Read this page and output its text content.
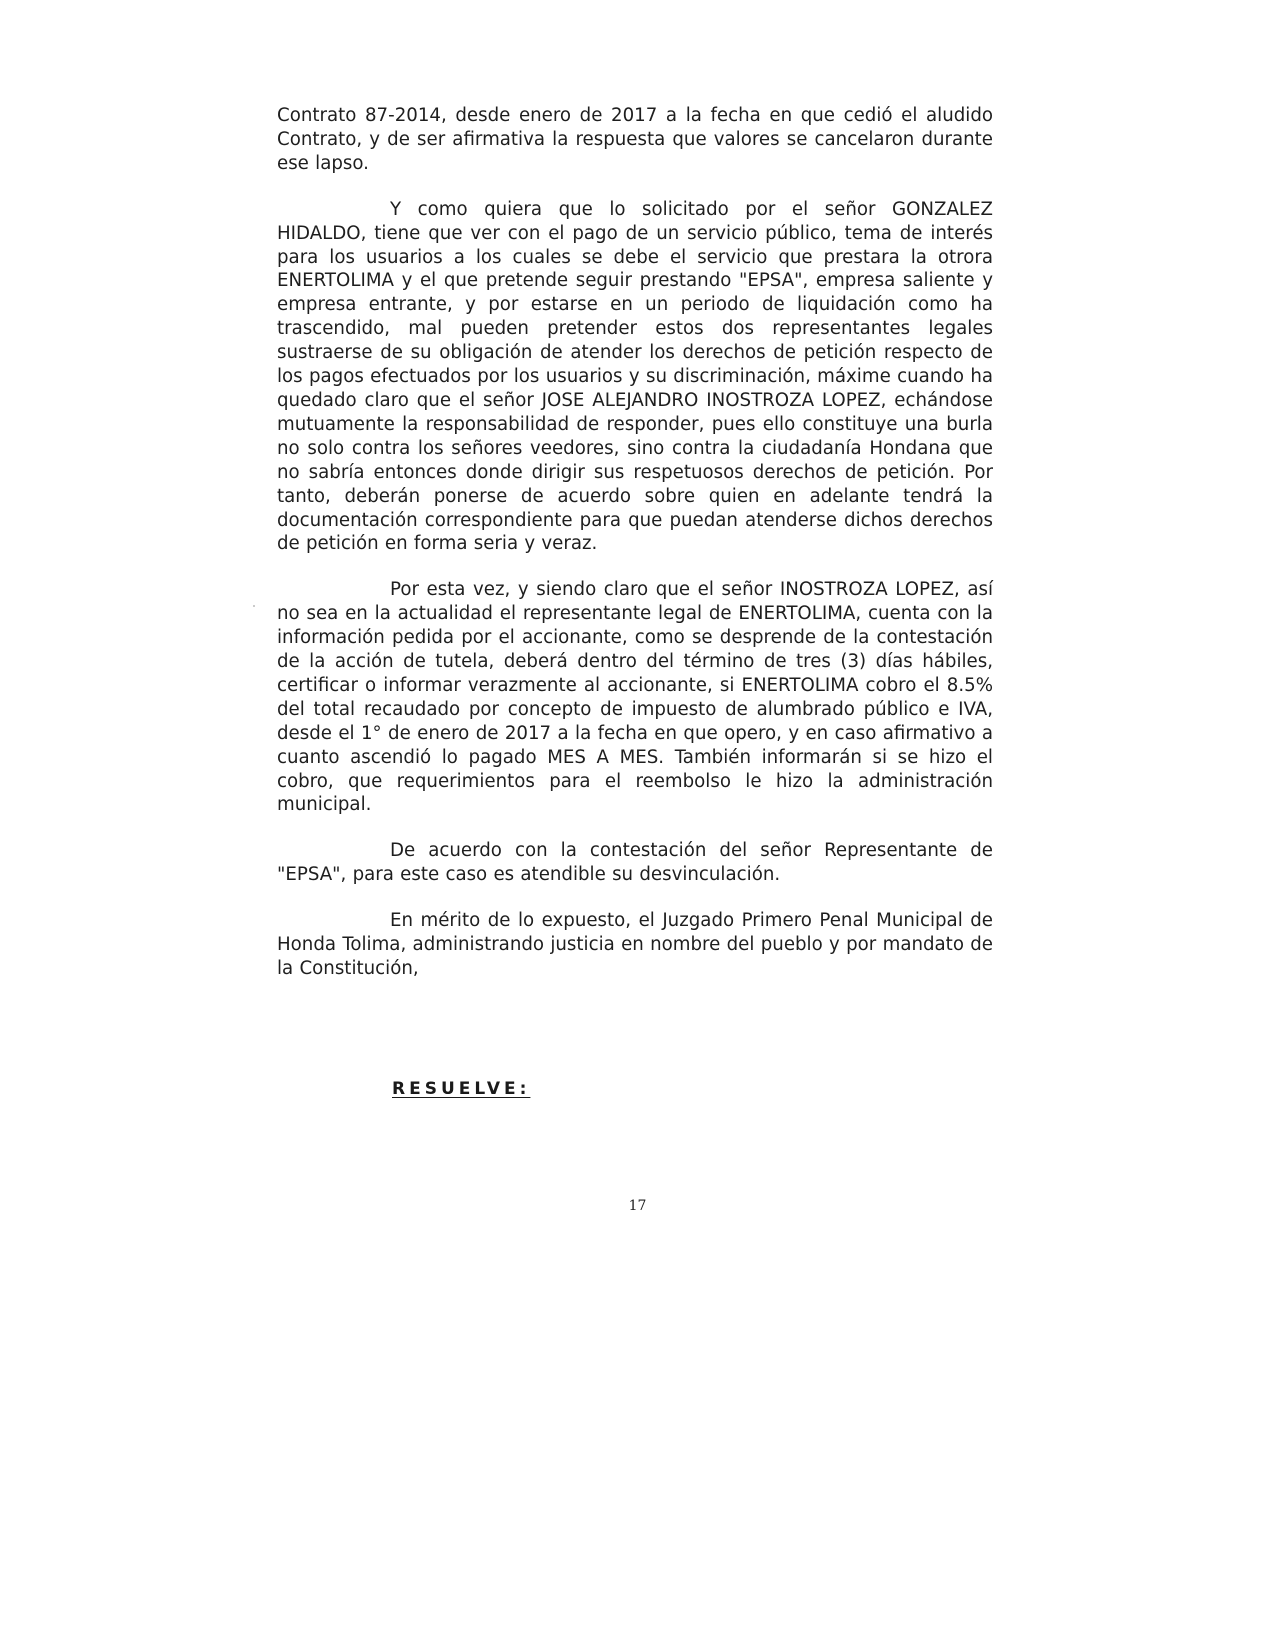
Contrato 87-2014, desde enero de 2017 a la fecha en que cedió el aludido Contrato, y de ser afirmativa la respuesta que valores se cancelaron durante ese lapso.

Y como quiera que lo solicitado por el señor GONZALEZ HIDALDO, tiene que ver con el pago de un servicio público, tema de interés para los usuarios a los cuales se debe el servicio que prestara la otrora ENERTOLIMA y el que pretende seguir prestando "EPSA", empresa saliente y empresa entrante, y por estarse en un periodo de liquidación como ha trascendido, mal pueden pretender estos dos representantes legales sustraerse de su obligación de atender los derechos de petición respecto de los pagos efectuados por los usuarios y su discriminación, máxime cuando ha quedado claro que el señor JOSE ALEJANDRO INOSTROZA LOPEZ, echándose mutuamente la responsabilidad de responder, pues ello constituye una burla no solo contra los señores veedores, sino contra la ciudadanía Hondana que no sabría entonces donde dirigir sus respetuosos derechos de petición. Por tanto, deberán ponerse de acuerdo sobre quien en adelante tendrá la documentación correspondiente para que puedan atenderse dichos derechos de petición en forma seria y veraz.

Por esta vez, y siendo claro que el señor INOSTROZA LOPEZ, así no sea en la actualidad el representante legal de ENERTOLIMA, cuenta con la información pedida por el accionante, como se desprende de la contestación de la acción de tutela, deberá dentro del término de tres (3) días hábiles, certificar o informar verazmente al accionante, si ENERTOLIMA cobro el 8.5% del total recaudado por concepto de impuesto de alumbrado público e IVA, desde el 1° de enero de 2017 a la fecha en que opero, y en caso afirmativo a cuanto ascendió lo pagado MES A MES. También informarán si se hizo el cobro, que requerimientos para el reembolso le hizo la administración municipal.

De acuerdo con la contestación del señor Representante de "EPSA", para este caso es atendible su desvinculación.

En mérito de lo expuesto, el Juzgado Primero Penal Municipal de Honda Tolima, administrando justicia en nombre del pueblo y por mandato de la Constitución,

RESUELVE:
17
